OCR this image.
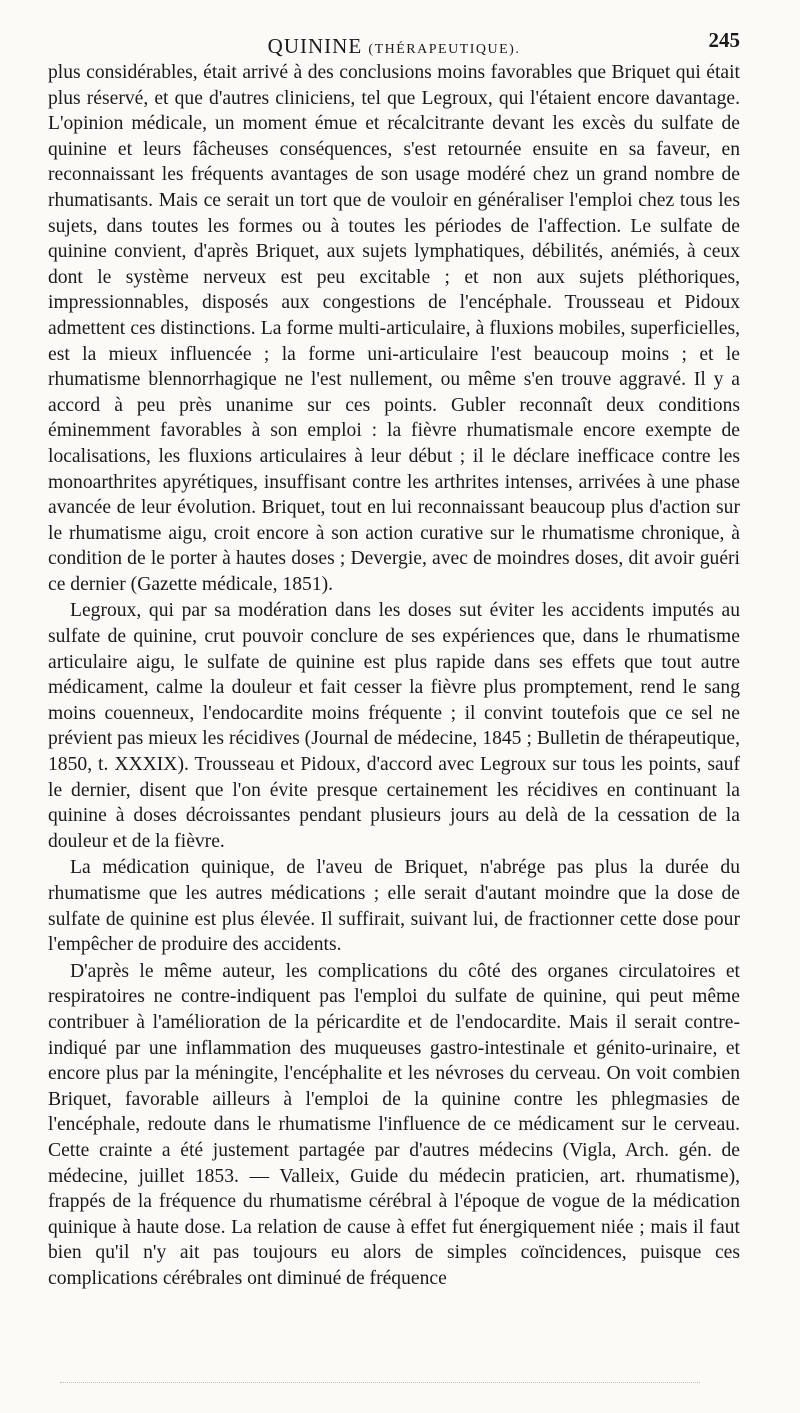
QUININE (THÉRAPEUTIQUE).	245

plus considérables, était arrivé à des conclusions moins favorables que Briquet qui était plus réservé, et que d'autres cliniciens, tel que Legroux, qui l'étaient encore davantage. L'opinion médicale, un moment émue et récalcitrante devant les excès du sulfate de quinine et leurs fâcheuses conséquences, s'est retournée ensuite en sa faveur, en reconnaissant les fréquents avantages de son usage modéré chez un grand nombre de rhumatisants. Mais ce serait un tort que de vouloir en généraliser l'emploi chez tous les sujets, dans toutes les formes ou à toutes les périodes de l'affection. Le sulfate de quinine convient, d'après Briquet, aux sujets lymphatiques, débilités, anémiés, à ceux dont le système nerveux est peu excitable ; et non aux sujets pléthoriques, impressionnables, disposés aux congestions de l'encéphale. Trousseau et Pidoux admettent ces distinctions. La forme multi-articulaire, à fluxions mobiles, superficielles, est la mieux influencée ; la forme uni-articulaire l'est beaucoup moins ; et le rhumatisme blennorrhagique ne l'est nullement, ou même s'en trouve aggravé. Il y a accord à peu près unanime sur ces points. Gubler reconnaît deux conditions éminemment favorables à son emploi : la fièvre rhumatismale encore exempte de localisations, les fluxions articulaires à leur début ; il le déclare inefficace contre les monoarthrites apyrétiques, insuffisant contre les arthrites intenses, arrivées à une phase avancée de leur évolution. Briquet, tout en lui reconnaissant beaucoup plus d'action sur le rhumatisme aigu, croit encore à son action curative sur le rhumatisme chronique, à condition de le porter à hautes doses ; Devergie, avec de moindres doses, dit avoir guéri ce dernier (Gazette médicale, 1851).

Legroux, qui par sa modération dans les doses sut éviter les accidents imputés au sulfate de quinine, crut pouvoir conclure de ses expériences que, dans le rhumatisme articulaire aigu, le sulfate de quinine est plus rapide dans ses effets que tout autre médicament, calme la douleur et fait cesser la fièvre plus promptement, rend le sang moins couenneux, l'endocardite moins fréquente ; il convint toutefois que ce sel ne prévient pas mieux les récidives (Journal de médecine, 1845 ; Bulletin de thérapeutique, 1850, t. XXXIX). Trousseau et Pidoux, d'accord avec Legroux sur tous les points, sauf le dernier, disent que l'on évite presque certainement les récidives en continuant la quinine à doses décroissantes pendant plusieurs jours au delà de la cessation de la douleur et de la fièvre.

La médication quinique, de l'aveu de Briquet, n'abrége pas plus la durée du rhumatisme que les autres médications ; elle serait d'autant moindre que la dose de sulfate de quinine est plus élevée. Il suffirait, suivant lui, de fractionner cette dose pour l'empêcher de produire des accidents.

D'après le même auteur, les complications du côté des organes circulatoires et respiratoires ne contre-indiquent pas l'emploi du sulfate de quinine, qui peut même contribuer à l'amélioration de la péricardite et de l'endocardite. Mais il serait contre-indiqué par une inflammation des muqueuses gastro-intestinale et génito-urinaire, et encore plus par la méningite, l'encéphalite et les névroses du cerveau. On voit combien Briquet, favorable ailleurs à l'emploi de la quinine contre les phlegmasies de l'encéphale, redoute dans le rhumatisme l'influence de ce médicament sur le cerveau. Cette crainte a été justement partagée par d'autres médecins (Vigla, Arch. gén. de médecine, juillet 1853. — Valleix, Guide du médecin praticien, art. rhumatisme), frappés de la fréquence du rhumatisme cérébral à l'époque de vogue de la médication quinique à haute dose. La relation de cause à effet fut énergiquement niée ; mais il faut bien qu'il n'y ait pas toujours eu alors de simples coïncidences, puisque ces complications cérébrales ont diminué de fréquence
